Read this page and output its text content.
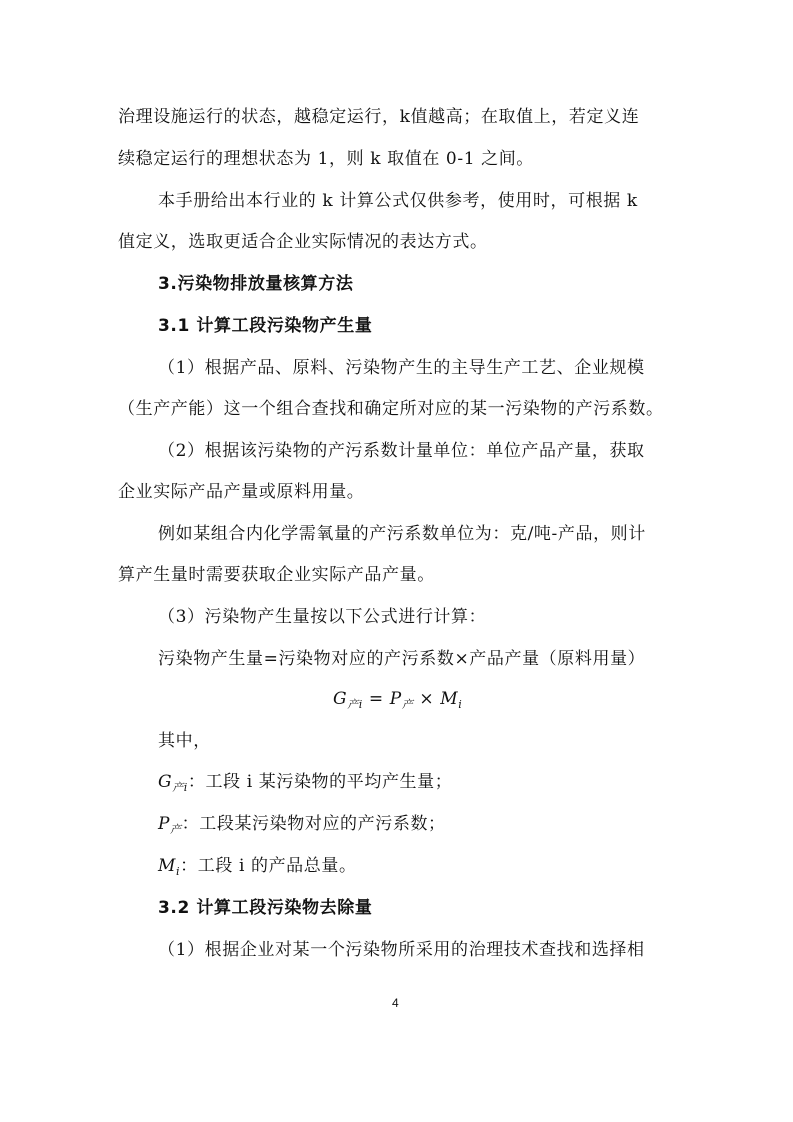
治理设施运行的状态，越稳定运行，k值越高；在取值上，若定义连
续稳定运行的理想状态为 1，则 k 取值在 0-1 之间。
本手册给出本行业的 k 计算公式仅供参考，使用时，可根据 k
值定义，选取更适合企业实际情况的表达方式。
3.污染物排放量核算方法
3.1 计算工段污染物产生量
（1）根据产品、原料、污染物产生的主导生产工艺、企业规模
（生产产能）这一个组合查找和确定所对应的某一污染物的产污系数。
（2）根据该污染物的产污系数计量单位：单位产品产量，获取
企业实际产品产量或原料用量。
例如某组合内化学需氧量的产污系数单位为：克/吨-产品，则计
算产生量时需要获取企业实际产品产量。
（3）污染物产生量按以下公式进行计算：
污染物产生量=污染物对应的产污系数×产品产量（原料用量）
$G_{产i} = P_产 \times M_i$
其中，
$G_{产i}$：工段 i 某污染物的平均产生量；
$P_产$：工段某污染物对应的产污系数；
$M_i$：工段 i 的产品总量。
3.2 计算工段污染物去除量
（1）根据企业对某一个污染物所采用的治理技术查找和选择相
4
